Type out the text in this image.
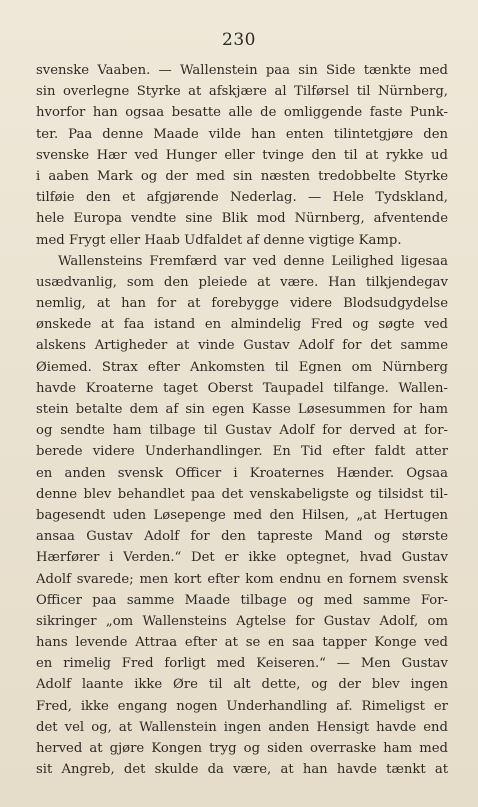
230
svenske Vaaben. — Wallenstein paa sin Side tænkte med
sin overlegne Styrke at afskjære al Tilførsel til Nürnberg,
hvorfor han ogsaa besatte alle de omliggende faste Punk-
ter. Paa denne Maade vilde han enten tilintetgjøre den
svenske Hær ved Hunger eller tvinge den til at rykke ud
i aaben Mark og der med sin næsten tredobbelte Styrke
tilføie den et afgjørende Nederlag. — Hele Tydskland,
hele Europa vendte sine Blik mod Nürnberg, afventende
med Frygt eller Haab Udfaldet af denne vigtige Kamp.
Wallensteins Fremfærd var ved denne Leilighed ligesaa
usædvanlig, som den pleiede at være. Han tilkjendegav
nemlig, at han for at forebygge videre Blodsudgydelse
ønskede at faa istand en almindelig Fred og søgte ved
alskens Artigheder at vinde Gustav Adolf for det samme
Øiemed. Strax efter Ankomsten til Egnen om Nürnberg
havde Kroaterne taget Oberst Taupadel tilfange. Wallen-
stein betalte dem af sin egen Kasse Løsesummen for ham
og sendte ham tilbage til Gustav Adolf for derved at for-
berede videre Underhandlinger. En Tid efter faldt atter
en anden svensk Officer i Kroaternes Hænder. Ogsaa
denne blev behandlet paa det venskabeligste og tilsidst til-
bagesendt uden Løsepenge med den Hilsen, „at Hertugen
ansaa Gustav Adolf for den tapreste Mand og største
Hærfører i Verden.“ Det er ikke optegnet, hvad Gustav
Adolf svarede; men kort efter kom endnu en fornem svensk
Officer paa samme Maade tilbage og med samme For-
sikringer „om Wallensteins Agtelse for Gustav Adolf, om
hans levende Attraa efter at se en saa tapper Konge ved
en rimelig Fred forligt med Keiseren.“ — Men Gustav
Adolf laante ikke Øre til alt dette, og der blev ingen
Fred, ikke engang nogen Underhandling af. Rimeligst er
det vel og, at Wallenstein ingen anden Hensigt havde end
herved at gjøre Kongen tryg og siden overraske ham med
sit Angreb, det skulde da være, at han havde tænkt at
